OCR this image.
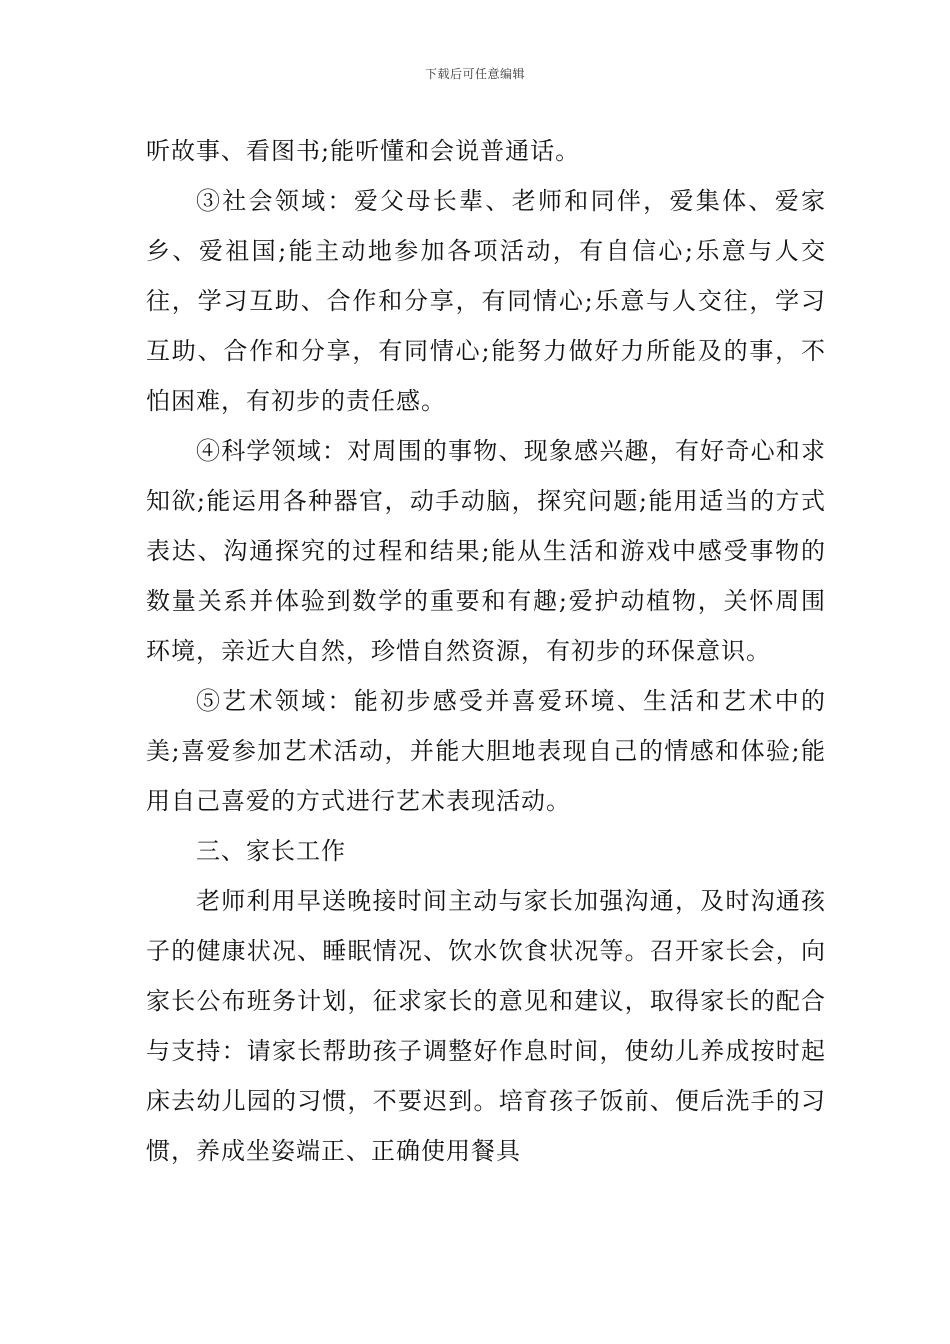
下载后可任意编辑

听故事、看图书;能听懂和会说普通话。

③社会领域：爱父母长辈、老师和同伴，爱集体、爱家乡、爱祖国;能主动地参加各项活动，有自信心;乐意与人交往，学习互助、合作和分享，有同情心;乐意与人交往，学习互助、合作和分享，有同情心;能努力做好力所能及的事，不怕困难，有初步的责任感。

④科学领域：对周围的事物、现象感兴趣，有好奇心和求知欲;能运用各种器官，动手动脑，探究问题;能用适当的方式表达、沟通探究的过程和结果;能从生活和游戏中感受事物的数量关系并体验到数学的重要和有趣;爱护动植物，关怀周围环境，亲近大自然，珍惜自然资源，有初步的环保意识。

⑤艺术领域：能初步感受并喜爱环境、生活和艺术中的美;喜爱参加艺术活动，并能大胆地表现自己的情感和体验;能用自己喜爱的方式进行艺术表现活动。

三、家长工作

老师利用早送晚接时间主动与家长加强沟通，及时沟通孩子的健康状况、睡眠情况、饮水饮食状况等。召开家长会，向家长公布班务计划，征求家长的意见和建议，取得家长的配合与支持：请家长帮助孩子调整好作息时间，使幼儿养成按时起床去幼儿园的习惯，不要迟到。培育孩子饭前、便后洗手的习惯，养成坐姿端正、正确使用餐具
